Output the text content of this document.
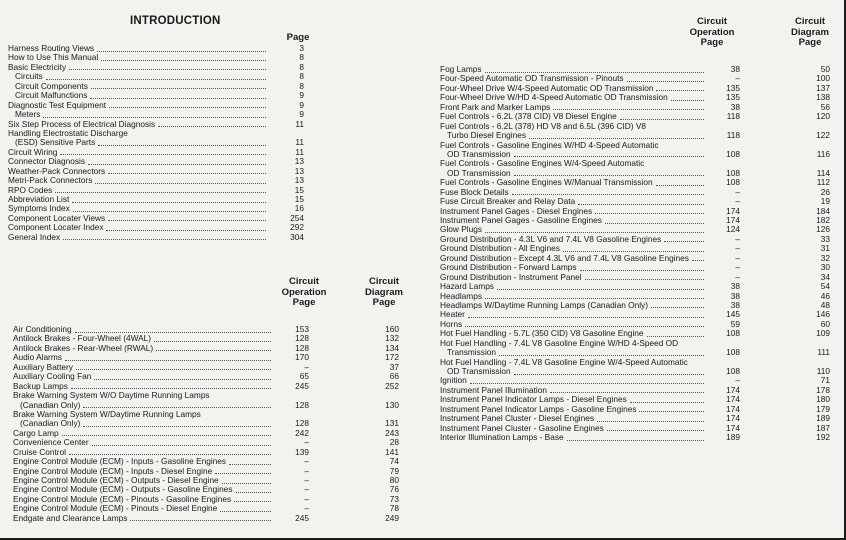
INTRODUCTION
Page
Harness Routing Views	3
How to Use This Manual	8
Basic Electricity	8
Circuits	8
Circuit Components	8
Circuit Malfunctions	9
Diagnostic Test Equipment	9
Meters	9
Six Step Process of Electrical Diagnosis	11
Handling Electrostatic Discharge
(ESD) Sensitive Parts	11
Circuit Wiring	11
Connector Diagnosis	13
Weather-Pack Connectors	13
Metri-Pack Connectors	13
RPO Codes	15
Abbreviation List	15
Symptoms Index	16
Component Locater Views	254
Component Locater Index	292
General Index	304
Circuit
Operation
Page
Circuit
Diagram
Page
Air Conditioning	153	160
Antilock Brakes - Four-Wheel (4WAL)	128	132
Antilock Brakes - Rear-Wheel (RWAL)	128	134
Audio Alarms	170	172
Auxiliary Battery	–	37
Auxiliary Cooling Fan	65	66
Backup Lamps	245	252
Brake Warning System W/O Daytime Running Lamps
(Canadian Only)	128	130
Brake Warning System W/Daytime Running Lamps
(Canadian Only)	128	131
Cargo Lamp	242	243
Convenience Center	–	28
Cruise Control	139	141
Engine Control Module (ECM) - Inputs - Gasoline Engines	–	74
Engine Control Module (ECM) - Inputs - Diesel Engine	–	79
Engine Control Module (ECM) - Outputs - Diesel Engine	–	80
Engine Control Module (ECM) - Outputs - Gasoline Engines	–	76
Engine Control Module (ECM) - Pinouts - Gasoline Engines	–	73
Engine Control Module (ECM) - Pinouts - Diesel Engine	–	78
Endgate and Clearance Lamps	245	249
Circuit
Operation
Page
Circuit
Diagram
Page
Fog Lamps	38	50
Four-Speed Automatic OD Transmission - Pinouts	–	100
Four-Wheel Drive W/4-Speed Automatic OD Transmission	135	137
Four-Wheel Drive W/HD 4-Speed Automatic OD Transmission	135	138
Front Park and Marker Lamps	38	56
Fuel Controls - 6.2L (378 CID) V8 Diesel Engine	118	120
Fuel Controls - 6.2L (378) HD V8 and 6.5L (396 CID) V8
Turbo Diesel Engines	118	122
Fuel Controls - Gasoline Engines W/HD 4-Speed Automatic
OD Transmission	108	116
Fuel Controls - Gasoline Engines W/4-Speed Automatic
OD Transmission	108	114
Fuel Controls - Gasoline Engines W/Manual Transmission	108	112
Fuse Block Details	–	26
Fuse Circuit Breaker and Relay Data	–	19
Instrument Panel Gages - Diesel Engines	174	184
Instrument Panel Gages - Gasoline Engines	174	182
Glow Plugs	124	126
Ground Distribution - 4.3L V6 and 7.4L V8 Gasoline Engines	–	33
Ground Distribution - All Engines	–	31
Ground Distribution - Except 4.3L V6 and 7.4L V8 Gasoline Engines	–	32
Ground Distribution - Forward Lamps	–	30
Ground Distribution - Instrument Panel	–	34
Hazard Lamps	38	54
Headlamps	38	46
Headlamps W/Daytime Running Lamps (Canadian Only)	38	48
Heater	145	146
Horns	59	60
Hot Fuel Handling - 5.7L (350 CID) V8 Gasoline Engine	108	109
Hot Fuel Handling - 7.4L V8 Gasoline Engine W/HD 4-Speed OD
Transmission	108	111
Hot Fuel Handling - 7.4L V8 Gasoline Engine W/4-Speed Automatic
OD Transmission	108	110
Ignition	–	71
Instrument Panel Illumination	174	178
Instrument Panel Indicator Lamps - Diesel Engines	174	180
Instrument Panel Indicator Lamps - Gasoline Engines	174	179
Instrument Panel Cluster - Diesel Engines	174	189
Instrument Panel Cluster - Gasoline Engines	174	187
Interior Illumination Lamps - Base	189	192
